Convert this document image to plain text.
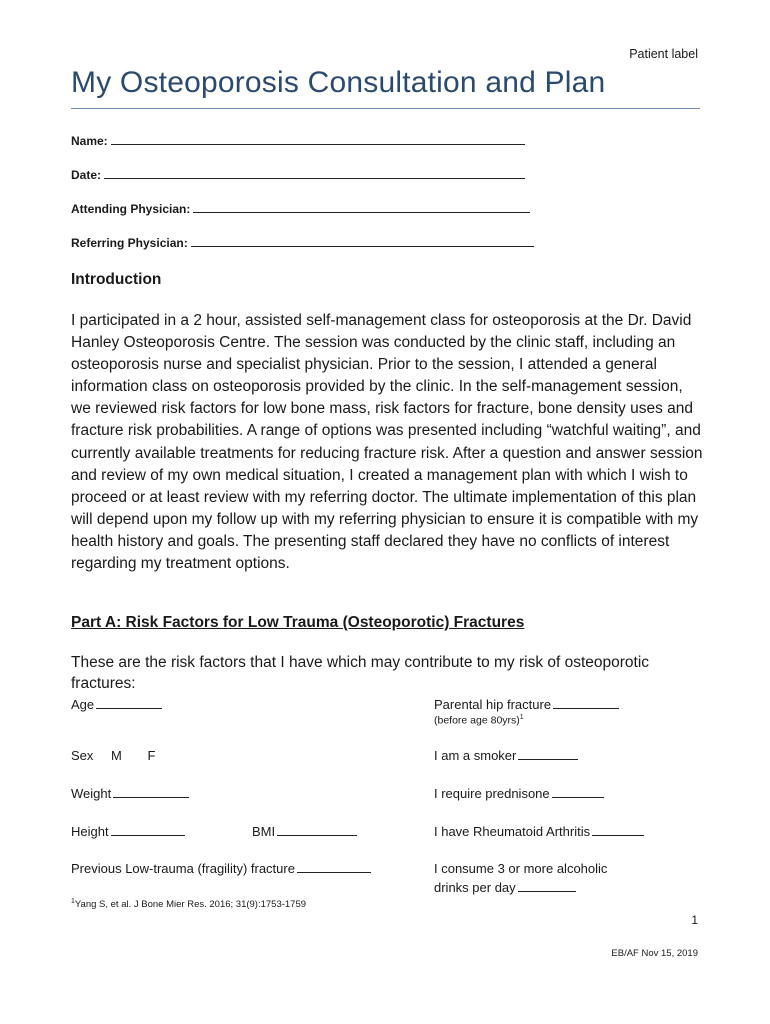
Patient label
My Osteoporosis Consultation and Plan
Name:
Date:
Attending Physician:
Referring Physician:
Introduction
I participated in a 2 hour, assisted self-management class for osteoporosis at the Dr. David Hanley Osteoporosis Centre. The session was conducted by the clinic staff, including an osteoporosis nurse and specialist physician. Prior to the session, I attended a general information class on osteoporosis provided by the clinic. In the self-management session, we reviewed risk factors for low bone mass, risk factors for fracture, bone density uses and fracture risk probabilities. A range of options was presented including “watchful waiting”, and currently available treatments for reducing fracture risk. After a question and answer session and review of my own medical situation, I created a management plan with which I wish to proceed or at least review with my referring doctor. The ultimate implementation of this plan will depend upon my follow up with my referring physician to ensure it is compatible with my health history and goals. The presenting staff declared they have no conflicts of interest regarding my treatment options.
Part A: Risk Factors for Low Trauma (Osteoporotic) Fractures
These are the risk factors that I have which may contribute to my risk of osteoporotic fractures:
Age
Sex M F
Weight
Height	BMI
Previous Low-trauma (fragility) fracture
Parental hip fracture
(before age 80yrs)$^1$
I am a smoker
I require prednisone
I have Rheumatoid Arthritis
I consume 3 or more alcoholic
drinks per day
$^1$Yang S, et al. J Bone Mier Res. 2016; 31(9):1753-1759
1
EB/AF Nov 15, 2019
